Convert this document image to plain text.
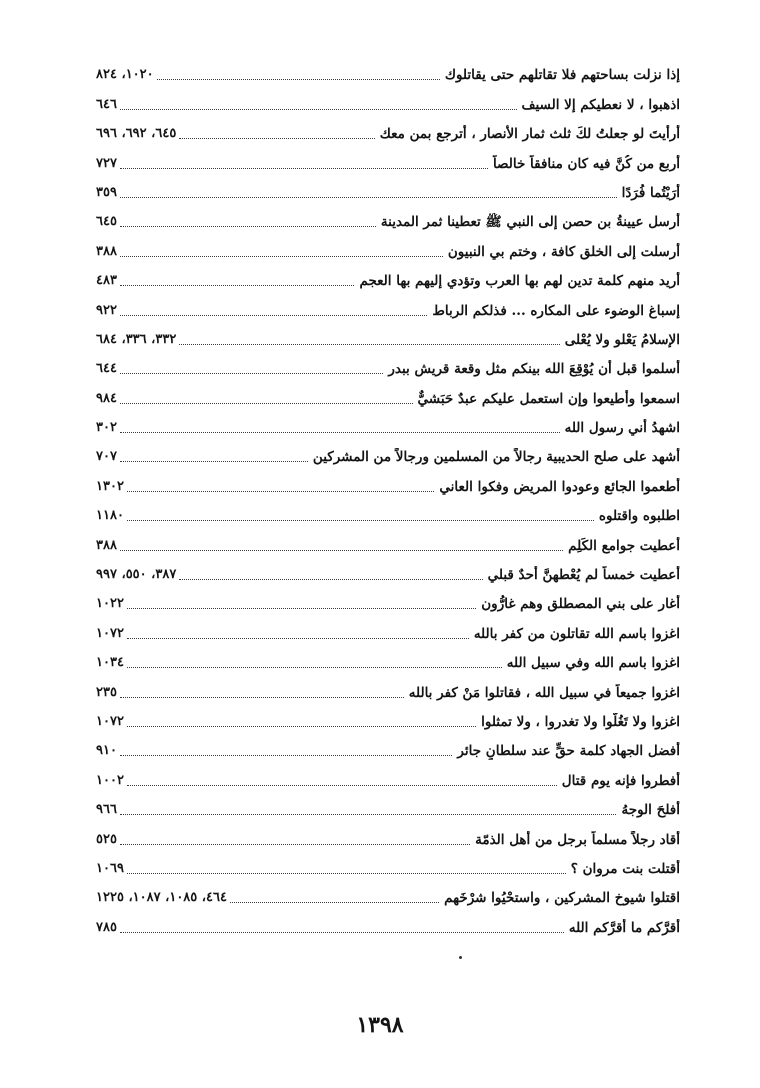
١٠٢٠، ٨٢٤	إذا نزلت بساحتهم فلا تقاتلهم حتى يقاتلوك
٦٤٦	اذهبوا ، لا نعطيكم إلا السيف
٦٤٥، ٦٩٢، ٦٩٦	أرأيتَ لو جعلتُ لكَ ثلث ثمار الأنصار ، أترجع بمن معك
٧٢٧	أربع من كُنَّ فيه كان منافقاً خالصاً
٣٥٩	أَرَيْتُما فُرَدًا
٦٤٥	أرسل عيينةُ بن حصن إلى النبي ﷺ تعطينا ثمر المدينة
٣٨٨	أرسلت إلى الخلق كافة ، وختم بي النبيون
٤٨٣	أريد منهم كلمة تدين لهم بها العرب وتؤدي إليهم بها العجم
٩٢٢	إسباغ الوضوء على المكاره ... فذلكم الرباط
٣٣٢، ٣٣٦، ٦٨٤	الإسلامُ يَعْلو ولا يُعْلى
٦٤٤	أسلموا قبل أن يُوْقِعَ الله بينكم مثل وقعة قريش ببدر
٩٨٤	اسمعوا وأطيعوا وإن استعمل عليكم عبدٌ حَبَشيٌّ
٣٠٢	اشهدُ أني رسول الله
٧٠٧	أشهد على صلح الحديبية رجالاً من المسلمين ورجالاً من المشركين
١٣٠٢	أطعموا الجائع وعودوا المريض وفكوا العاني
١١٨٠	اطلبوه واقتلوه
٣٨٨	أعطيت جوامع الكَلِم
٣٨٧، ٥٥٠، ٩٩٧	أُعطيت خمساً لم يُعْطهنَّ أحدٌ قبلي
١٠٢٢	أغار على بني المصطلق وهم غارُّون
١٠٧٢	اغزوا باسم الله تقاتلون من كفر بالله
١٠٣٤	اغزوا باسم الله وفي سبيل الله
٢٣٥	اغزوا جميعاً في سبيل الله ، فقاتلوا مَنْ كفر بالله
١٠٧٢	اغزوا ولا تَغُلّوا ولا تغدروا ، ولا تمثلوا
٩١٠	أفضل الجهاد كلمة حقٍّ عند سلطانٍ جائر
١٠٠٢	أفطروا فإنه يوم قتال
٩٦٦	أفلحَ الوجهُ
٥٢٥	أقاد رجلاً مسلماً برجل من أهل الذمّة
١٠٦٩	أقتلت بنت مروان ؟
٤٦٤، ١٠٨٥، ١٠٨٧، ١٢٢٥	اقتلوا شيوخ المشركين ، واستحْيُوا شرْخَهم
٧٨٥	أقرَّكم ما أقرَّكم الله
١٣٩٨
